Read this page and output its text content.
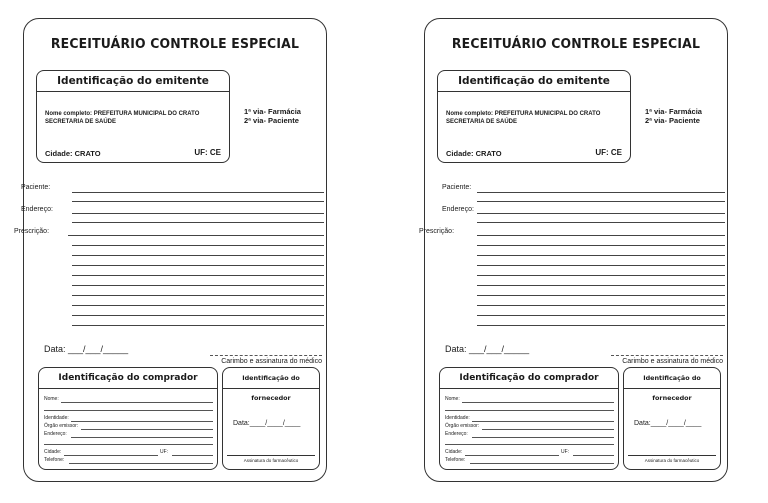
RECEITUÁRIO CONTROLE ESPECIAL
Identificação do emitente
Nome completo: PREFEITURA MUNICIPAL DO CRATO SECRETARIA DE SAÚDE
Cidade: CRATO	UF: CE
1ª via- Farmácia
2ª via- Paciente
Paciente:
Endereço:
Prescrição:
Data: ___/___/_____
Carimbo e assinatura do médico
Identificação do comprador
Nome:
Identidade:
Órgão emissor:
Endereço:
Cidade:	UF:
Telefone:
Identificação do fornecedor
Data:____/____/____
Assinatura do farmacêutico
RECEITUÁRIO CONTROLE ESPECIAL
Identificação do emitente
Nome completo: PREFEITURA MUNICIPAL DO CRATO SECRETARIA DE SAÚDE
Cidade: CRATO	UF: CE
1ª via- Farmácia
2ª via- Paciente
Paciente:
Endereço:
Prescrição:
Data: ___/___/_____
Carimbo e assinatura do médico
Identificação do comprador
Nome:
Identidade:
Órgão emissor:
Endereço:
Cidade:	UF:
Telefone:
Identificação do fornecedor
Data:____/____/____
Assinatura do farmacêutico
